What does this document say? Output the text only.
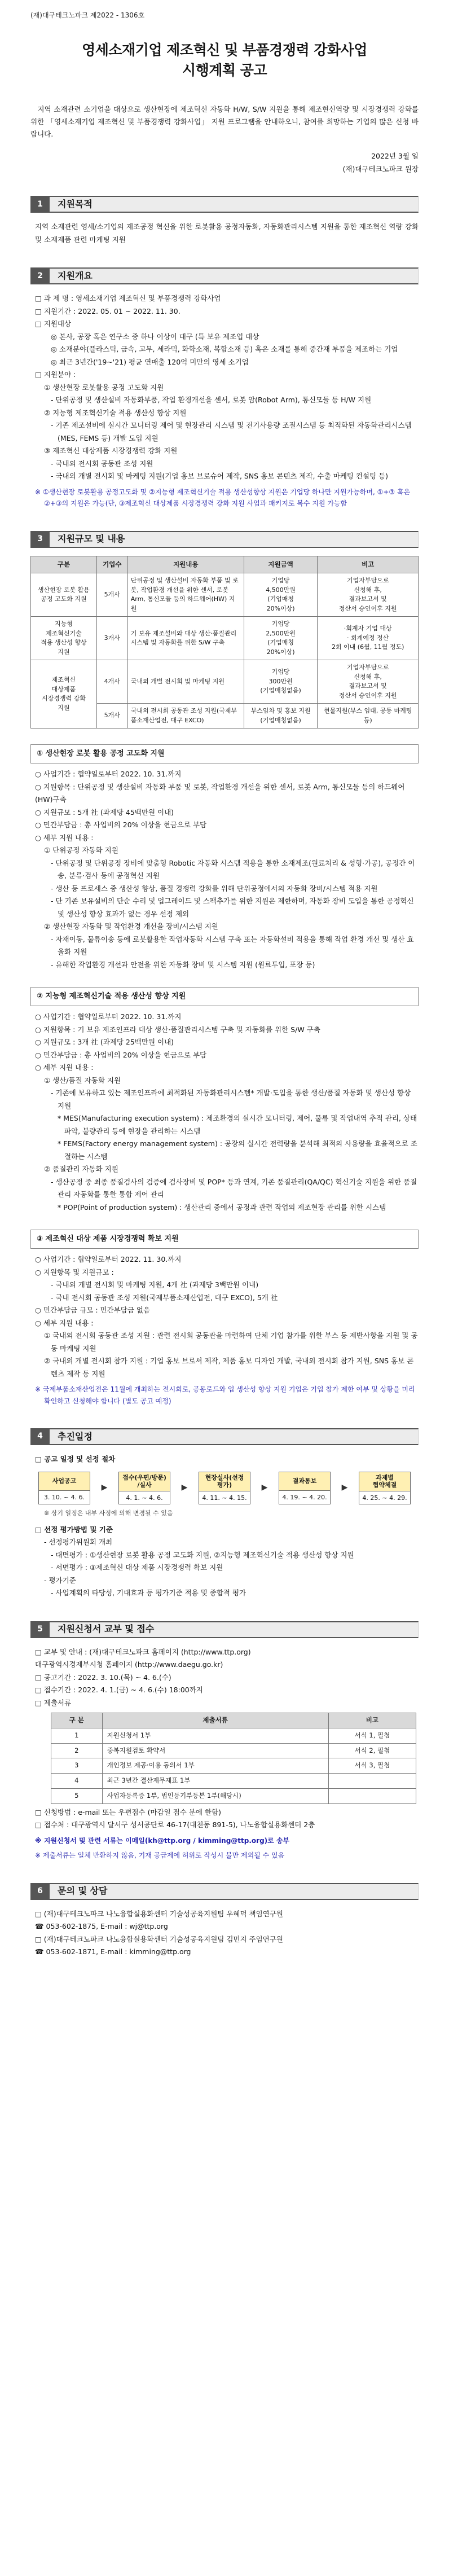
(재)대구테크노파크 제2022 - 1306호
영세소재기업 제조혁신 및 부품경쟁력 강화사업
시행계획 공고

지역 소재관련 소기업을 대상으로 생산현장에 제조혁신 자동화 H/W, S/W 지원을 통해 제조현신역량 및 시장경쟁력 강화를 위한 「영세소재기업 제조혁신 및 부품경쟁력 강화사업」 지원 프로그램을 안내하오니, 참여를 희망하는 기업의 많은 신청 바랍니다.

2022년 3월 일
(재)대구테크노파크 원장
1	지원목적
지역 소재관련 영세/소기업의 제조공정 혁신을 위한 로봇활용 공정자동화, 자동화관리시스템 지원을 통한 제조혁신 역량 강화 및 소재제품 관련 마케팅 지원
2	지원개요
□ 과 제 명 : 영세소재기업 제조혁신 및 부품경쟁력 강화사업
□ 지원기간 : 2022. 05. 01 ~ 2022. 11. 30.
□ 지원대상
◎ 본사, 공장 혹은 연구소 중 하나 이상이 대구 (특 보유 제조업 대상
◎ 소재분야(플라스틱, 금속, 고무, 세라믹, 화학소재, 복합소재 등) 혹은 소재를 통해 중간재 부품을 제조하는 기업
◎ 최근 3년간('19~'21) 평균 연매출 120억 미만의 영세 소기업
□ 지원분야 :
① 생산현장 로봇활용 공정 고도화 지원
- 단위공정 및 생산설비 자동화부품, 작업 환경개선을 센서, 로봇 암(Robot Arm), 통신모듈 등 H/W 지원
② 지능형 제조혁신기술 적용 생산성 향상 지원
- 기존 제조설비에 실시간 모니터링 제어 및 현장관리 시스템 및 전기사용량 조절시스템 등 최적화된 자동화관리시스템(MES, FEMS 등) 개발 도입 지원
③ 제조혁신 대상제품 시장경쟁력 강화 지원
- 국내외 전시회 공동관 조성 지원
- 국내외 개별 전시회 및 마케팅 지원(기업 홍보 브로슈어 제작, SNS 홍보 콘텐츠 제작, 수출 마케팅 컨설팅 등)
※ ①생산현장 로봇활용 공정고도화 및 ②지능형 제조혁신기술 적용 생산성향상 지원은 기업당 하나만 지원가능하며, ①+③ 혹은 ②+③의 지원은 가능(단, ③제조혁신 대상제품 시장경쟁력 강화 지원 사업과 패키지로 복수 지원 가능함
3	지원규모 및 내용
구분	기업수	지원내용	지원금액	비고
생산현장 로봇 활용 공정 고도화 지원	5개사	단위공정 및 생산설비 자동화 부품 및 로봇, 작업환경 개선을 위한 센서, 로봇 Arm, 통신모듈 등의 하드웨어(HW) 지원	기업당
4,500만원
(기업매칭
20%이상)	기업자부담으로
신청해 후,
결과보고서 및
정산서 승인이후 지원
지능형
제조혁신기술
적용 생산성 향상
지원	3개사	기 보유 제조설비와 대상 생산·품질관리시스템 및 자동화를 위한 S/W 구축	기업당
2,500만원
(기업매칭
20%이상)	·회계자 기업 대상
· 회계예정 정산
2회 이내 (6월, 11월 정도)
제조혁신
대상제품
시장경쟁력 강화
지원	4개사	국내외 개별 전시회 및 마케팅 지원	기업당
300만원
(기업매칭없음)	기업자부담으로
신청해 후,
결과보고서 및
정산서 승인이후 지원
	5개사	국내외 전시회 공동관 조성 지원(국제부품소재산업전, 대구 EXCO)	부스임차 및 홍보 지원
(기업매칭없음)	현물지원(부스 임대, 공동 마케팅 등)
① 생산현장 로봇 활용 공정 고도화 지원
○ 사업기간 : 협약일로부터 2022. 10. 31.까지
○ 지원항목 : 단위공정 및 생산설비 자동화 부품 및 로봇, 작업환경 개선을 위한 센서, 로봇 Arm, 통신모듈 등의 하드웨어(HW)구축
○ 지원규모 : 5개 社 (과제당 45백만원 이내)
○ 민간부담금 : 총 사업비의 20% 이상을 현금으로 부담
○ 세부 지원 내용 :
① 단위공정 자동화 지원
- 단위공정 및 단위공정 장비에 맞춤형 Robotic 자동화 시스템 적용을 통한 소재제조(원료처리 & 성형·가공), 공정간 이송, 분류·검사 등에 공정혁신 지원
- 생산 등 프로세스 중 생산성 향상, 품질 경쟁력 강화를 위해 단위공정에서의 자동화 장비/시스템 적용 지원
- 단 기존 보유설비의 단순 수리 및 업그레이드 및 스팩추가를 위한 지원은 제한하며, 자동화 장비 도입을 통한 공정혁신 및 생산성 향상 효과가 없는 경우 선정 제외
② 생산현장 자동화 및 작업환경 개선을 장비/시스템 지원
- 자재이동, 물류이송 등에 로봇활용한 작업자동화 시스템 구축 또는 자동화설비 적용을 통해 작업 환경 개선 및 생산 효율화 지원
- 유해한 작업환경 개선과 안전을 위한 자동화 장비 및 시스템 지원 (원료투입, 포장 등)
② 지능형 제조혁신기술 적용 생산성 향상 지원
○ 사업기간 : 협약일로부터 2022. 10. 31.까지
○ 지원항목 : 기 보유 제조인프라 대상 생산·품질관리시스템 구축 및 자동화를 위한 S/W 구축
○ 지원규모 : 3개 社 (과제당 25백만원 이내)
○ 민간부담금 : 총 사업비의 20% 이상을 현금으로 부담
○ 세부 지원 내용 :
① 생산/품질 자동화 지원
- 기존에 보유하고 있는 제조인프라에 최적화된 자동화관리시스템* 개발·도입을 통한 생산/품질 자동화 및 생산성 향상 지원
* MES(Manufacturing execution system) : 제조환경의 실시간 모니터링, 제어, 물류 및 작업내역 추적 관리, 상태파악, 불량관리 등에 현장을 관리하는 시스템
* FEMS(Factory energy management system) : 공장의 실시간 전력량을 분석해 최적의 사용량을 효율적으로 조절하는 시스템
② 품질관리 자동화 지원
- 생산공정 중 최종 품질검사의 검증에 검사장비 및 POP* 등과 연계, 기존 품질관리(QA/QC) 혁신기술 지원을 위한 품질관리 자동화를 통한 통합 제어 관리
* POP(Point of production system) : 생산관리 중에서 공정과 관련 작업의 제조현장 관리를 위한 시스템
③ 제조혁신 대상 제품 시장경쟁력 확보 지원
○ 사업기간 : 협약일로부터 2022. 11. 30.까지
○ 지원항목 및 지원규모 :
- 국내외 개별 전시회 및 마케팅 지원, 4개 社 (과제당 3백만원 이내)
- 국내 전시회 공동관 조성 지원(국제부품소재산업전, 대구 EXCO), 5개 社
○ 민간부담금 규모 : 민간부담금 없음
○ 세부 지원 내용 :
① 국내외 전시회 공동관 조성 지원 : 관련 전시회 공동관을 마련하여 단체 기업 참가를 위한 부스 등 제반사항을 지원 및 공동 마케팅 지원
② 국내외 개별 전시회 참가 지원 : 기업 홍보 브로셔 제작, 제품 홍보 디자인 개발, 국내외 전시회 참가 지원, SNS 홍보 콘텐츠 제작 등 지원
※ 국제부품소재산업전은 11월에 개최하는 전시회로, 공동로드와 업 생산성 향상 지원 기업은 기업 참가 제한 여부 및 상황을 미리 확인하고 신청해야 합니다 (별도 공고 예정)
4	추진일정
□ 공고 일정 및 선정 절차
사업공고
3. 10. ~ 4. 6.
▶
접수(우편/방문)
/실사
4. 1. ~ 4. 6.
▶
현장실사(선정
평가)
4. 11. ~ 4. 15.
▶
결과통보
4. 19. ~ 4. 20.
▶
과제별
협약체결
4. 25. ~ 4. 29.
※ 상기 일정은 내부 사정에 의해 변경될 수 있음
□ 선정 평가방법 및 기준
- 선정평가위원회 개최
- 대면평가 : ①생산현장 로봇 활용 공정 고도화 지원, ②지능형 제조혁신기술 적용 생산성 향상 지원
- 서면평가 : ③제조혁신 대상 제품 시장경쟁력 확보 지원
- 평가기준
- 사업계획의 타당성, 기대효과 등 평가기준 적용 및 종합적 평가
5	지원신청서 교부 및 접수
□ 교부 및 안내 : (재)대구테크노파크 홈페이지 (http://www.ttp.org)
대구광역시경제부시청 홈페이지 (http://www.daegu.go.kr)
□ 공고기간 : 2022. 3. 10.(목) ~ 4. 6.(수)
□ 접수기간 : 2022. 4. 1.(금) ~ 4. 6.(수) 18:00까지
□ 제출서류
구 분	제출서류	비고
1	지원신청서 1부	서식 1, 필첨
2	중복지원검토 확약서	서식 2, 필첨
3	개인정보 제공·이용 동의서 1부	서식 3, 필첨
4	최근 3년간 결산재무제표 1부	
5	사업자등록증 1부, 법인등기부등본 1부(해당시)	
□ 신청방법 : e-mail 또는 우편접수 (마감일 접수 분에 한함)
□ 접수처 : 대구광역시 달서구 성서공단로 46-17(대천동 891-5), 나노융합실용화센터 2층
※ 지원신청서 및 관련 서류는 이메일(kh@ttp.org / kimming@ttp.org)로 송부
※ 제출서류는 일체 반환하지 않음, 기재 공급제에 허위로 작성시 불만 제외될 수 있음
6	문의 및 상담
□ (재)대구테크노파크 나노융합실용화센터 기술성공육지원팀 우혜덕 책임연구원
☎ 053-602-1875, E-mail : wj@ttp.org
□ (재)대구테크노파크 나노융합실용화센터 기술성공육지원팀 김민지 주임연구원
☎ 053-602-1871, E-mail : kimming@ttp.org
